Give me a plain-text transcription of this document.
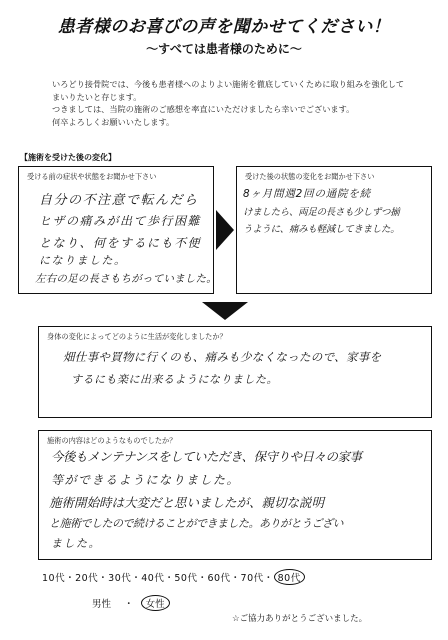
患者様のお喜びの声を聞かせてください！
～すべては患者様のために～

いろどり接骨院では、今後も患者様へのよりよい施術を徹底していくために取り組みを強化して

まいりたいと存じます。

つきましては、当院の施術のご感想を率直にいただけましたら幸いでございます。

何卒よろしくお願いいたします。

【施術を受けた後の変化】
受ける前の症状や状態をお聞かせ下さい
自分の不注意で転んだら
ヒザの痛みが出て歩行困難
となり、何をするにも不便
になりました。
左右の足の長さもちがっていました。
受けた後の状態の変化をお聞かせ下さい
8ヶ月間週2回の通院を続
けましたら、両足の長さも少しずつ揃
うように、痛みも軽減してきました。
身体の変化によってどのように生活が変化しましたか？
畑仕事や買物に行くのも、痛みも少なくなったので、家事を
するにも楽に出来るようになりました。
施術の内容はどのようなものでしたか？
今後もメンテナンスをしていただき、保守りや日々の家事
等ができるようになりました。
施術開始時は大変だと思いましたが、親切な説明
と施術でしたので続けることができました。ありがとうござい
ました。
10代・20代・30代・40代・50代・60代・70代・ 80代
男性 ・ 女性
☆ご協力ありがとうございました。
